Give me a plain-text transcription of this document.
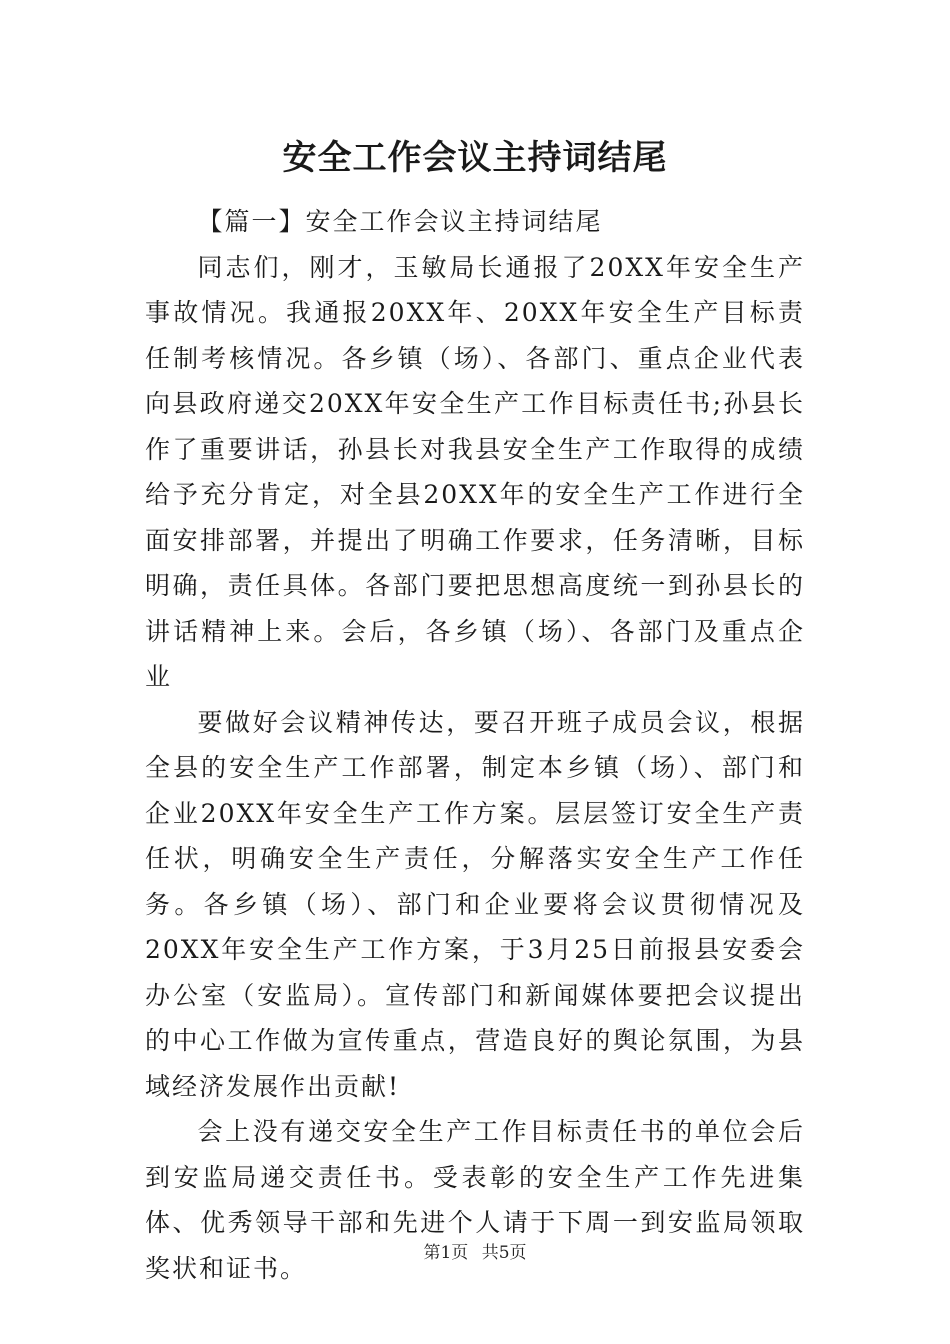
安全工作会议主持词结尾

【篇一】安全工作会议主持词结尾

同志们，刚才，玉敏局长通报了20XX年安全生产事故情况。我通报20XX年、20XX年安全生产目标责任制考核情况。各乡镇（场）、各部门、重点企业代表向县政府递交20XX年安全生产工作目标责任书;孙县长作了重要讲话，孙县长对我县安全生产工作取得的成绩给予充分肯定，对全县20XX年的安全生产工作进行全面安排部署，并提出了明确工作要求，任务清晰，目标明确，责任具体。各部门要把思想高度统一到孙县长的讲话精神上来。会后，各乡镇（场）、各部门及重点企业

要做好会议精神传达，要召开班子成员会议，根据全县的安全生产工作部署，制定本乡镇（场）、部门和企业20XX年安全生产工作方案。层层签订安全生产责任状，明确安全生产责任，分解落实安全生产工作任务。各乡镇（场）、部门和企业要将会议贯彻情况及20XX年安全生产工作方案，于3月25日前报县安委会办公室（安监局）。宣传部门和新闻媒体要把会议提出的中心工作做为宣传重点，营造良好的舆论氛围，为县域经济发展作出贡献!

会上没有递交安全生产工作目标责任书的单位会后到安监局递交责任书。受表彰的安全生产工作先进集体、优秀领导干部和先进个人请于下周一到安监局领取奖状和证书。

第1页 共5页
